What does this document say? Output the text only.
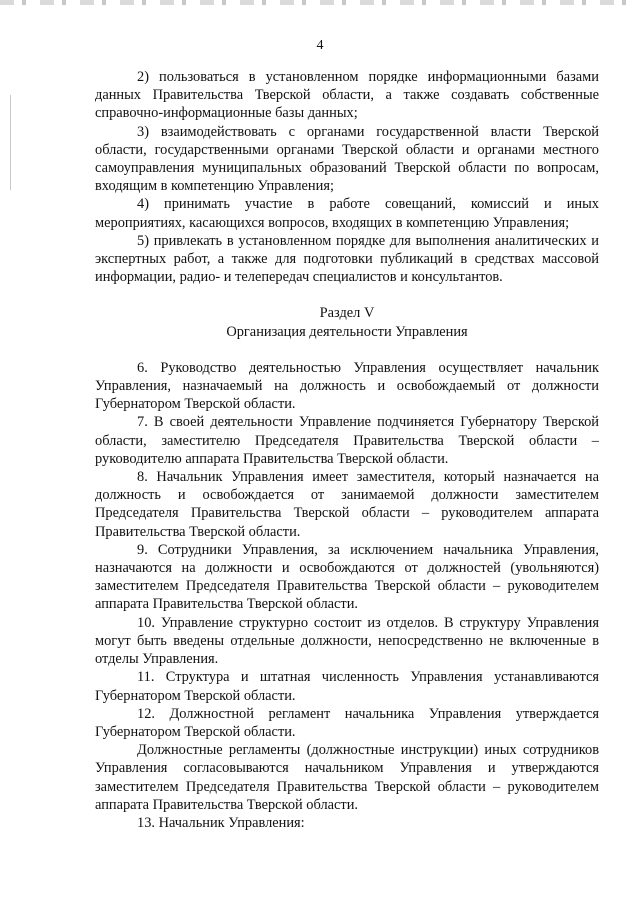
4

2) пользоваться в установленном порядке информационными базами данных Правительства Тверской области, а также создавать собственные справочно-информационные базы данных;

3) взаимодействовать с органами государственной власти Тверской области, государственными органами Тверской области и органами местного самоуправления муниципальных образований Тверской области по вопросам, входящим в компетенцию Управления;

4) принимать участие в работе совещаний, комиссий и иных мероприятиях, касающихся вопросов, входящих в компетенцию Управления;

5) привлекать в установленном порядке для выполнения аналитических и экспертных работ, а также для подготовки публикаций в средствах массовой информации, радио- и телепередач специалистов и консультантов.

Раздел V

Организация деятельности Управления

6. Руководство деятельностью Управления осуществляет начальник Управления, назначаемый на должность и освобождаемый от должности Губернатором Тверской области.

7. В своей деятельности Управление подчиняется Губернатору Тверской области, заместителю Председателя Правительства Тверской области – руководителю аппарата Правительства Тверской области.

8. Начальник Управления имеет заместителя, который назначается на должность и освобождается от занимаемой должности заместителем Председателя Правительства Тверской области – руководителем аппарата Правительства Тверской области.

9. Сотрудники Управления, за исключением начальника Управления, назначаются на должности и освобождаются от должностей (увольняются) заместителем Председателя Правительства Тверской области – руководителем аппарата Правительства Тверской области.

10. Управление структурно состоит из отделов. В структуру Управления могут быть введены отдельные должности, непосредственно не включенные в отделы Управления.

11. Структура и штатная численность Управления устанавливаются Губернатором Тверской области.

12. Должностной регламент начальника Управления утверждается Губернатором Тверской области.

Должностные регламенты (должностные инструкции) иных сотрудников Управления согласовываются начальником Управления и утверждаются заместителем Председателя Правительства Тверской области – руководителем аппарата Правительства Тверской области.

13. Начальник Управления:
